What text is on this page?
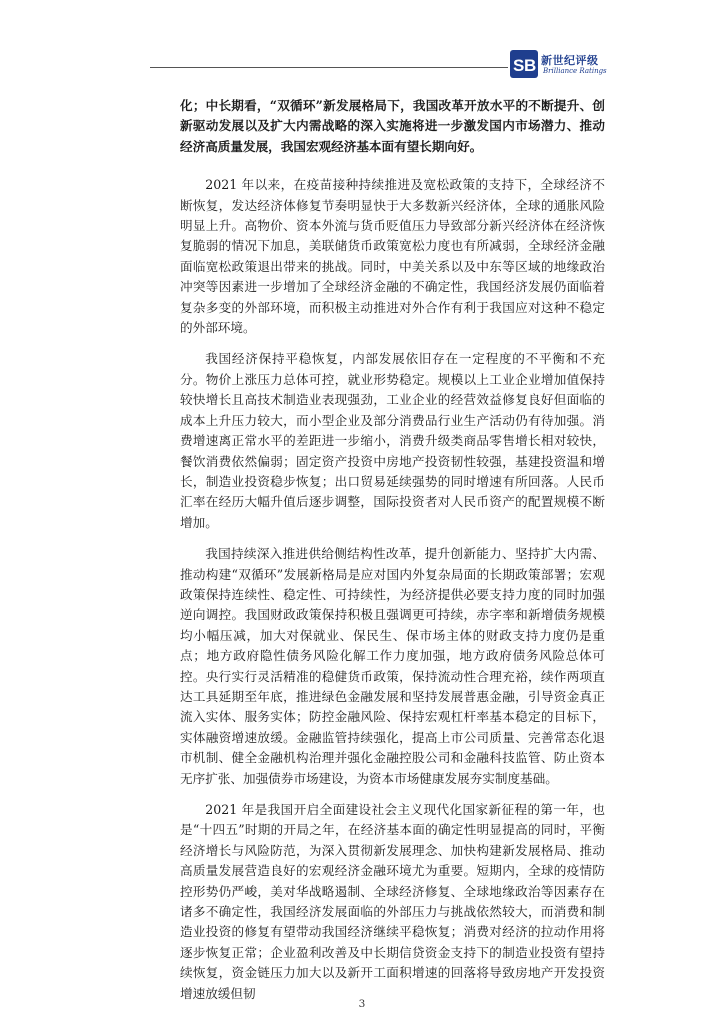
S B 新世纪评级
Brilliance Ratings

化；中长期看，“双循环”新发展格局下，我国改革开放水平的不断提升、创新驱动发展以及扩大内需战略的深入实施将进一步激发国内市场潜力、推动经济高质量发展，我国宏观经济基本面有望长期向好。

2021 年以来，在疫苗接种持续推进及宽松政策的支持下，全球经济不断恢复，发达经济体修复节奏明显快于大多数新兴经济体，全球的通胀风险明显上升。高物价、资本外流与货币贬值压力导致部分新兴经济体在经济恢复脆弱的情况下加息，美联储货币政策宽松力度也有所减弱，全球经济金融面临宽松政策退出带来的挑战。同时，中美关系以及中东等区域的地缘政治冲突等因素进一步增加了全球经济金融的不确定性，我国经济发展仍面临着复杂多变的外部环境，而积极主动推进对外合作有利于我国应对这种不稳定的外部环境。

我国经济保持平稳恢复，内部发展依旧存在一定程度的不平衡和不充分。物价上涨压力总体可控，就业形势稳定。规模以上工业企业增加值保持较快增长且高技术制造业表现强劲，工业企业的经营效益修复良好但面临的成本上升压力较大，而小型企业及部分消费品行业生产活动仍有待加强。消费增速离正常水平的差距进一步缩小，消费升级类商品零售增长相对较快，餐饮消费依然偏弱；固定资产投资中房地产投资韧性较强，基建投资温和增长，制造业投资稳步恢复；出口贸易延续强势的同时增速有所回落。人民币汇率在经历大幅升值后逐步调整，国际投资者对人民币资产的配置规模不断增加。

我国持续深入推进供给侧结构性改革，提升创新能力、坚持扩大内需、推动构建“双循环”发展新格局是应对国内外复杂局面的长期政策部署；宏观政策保持连续性、稳定性、可持续性，为经济提供必要支持力度的同时加强逆向调控。我国财政政策保持积极且强调更可持续，赤字率和新增债务规模均小幅压减，加大对保就业、保民生、保市场主体的财政支持力度仍是重点；地方政府隐性债务风险化解工作力度加强，地方政府债务风险总体可控。央行实行灵活精准的稳健货币政策，保持流动性合理充裕，续作两项直达工具延期至年底，推进绿色金融发展和坚持发展普惠金融，引导资金真正流入实体、服务实体；防控金融风险、保持宏观杠杆率基本稳定的目标下，实体融资增速放缓。金融监管持续强化，提高上市公司质量、完善常态化退市机制、健全金融机构治理并强化金融控股公司和金融科技监管、防止资本无序扩张、加强债券市场建设，为资本市场健康发展夯实制度基础。

2021 年是我国开启全面建设社会主义现代化国家新征程的第一年，也是“十四五”时期的开局之年，在经济基本面的确定性明显提高的同时，平衡经济增长与风险防范，为深入贯彻新发展理念、加快构建新发展格局、推动高质量发展营造良好的宏观经济金融环境尤为重要。短期内，全球的疫情防控形势仍严峻，美对华战略遏制、全球经济修复、全球地缘政治等因素存在诸多不确定性，我国经济发展面临的外部压力与挑战依然较大，而消费和制造业投资的修复有望带动我国经济继续平稳恢复；消费对经济的拉动作用将逐步恢复正常；企业盈利改善及中长期信贷资金支持下的制造业投资有望持续恢复，资金链压力加大以及新开工面积增速的回落将导致房地产开发投资增速放缓但韧

3
